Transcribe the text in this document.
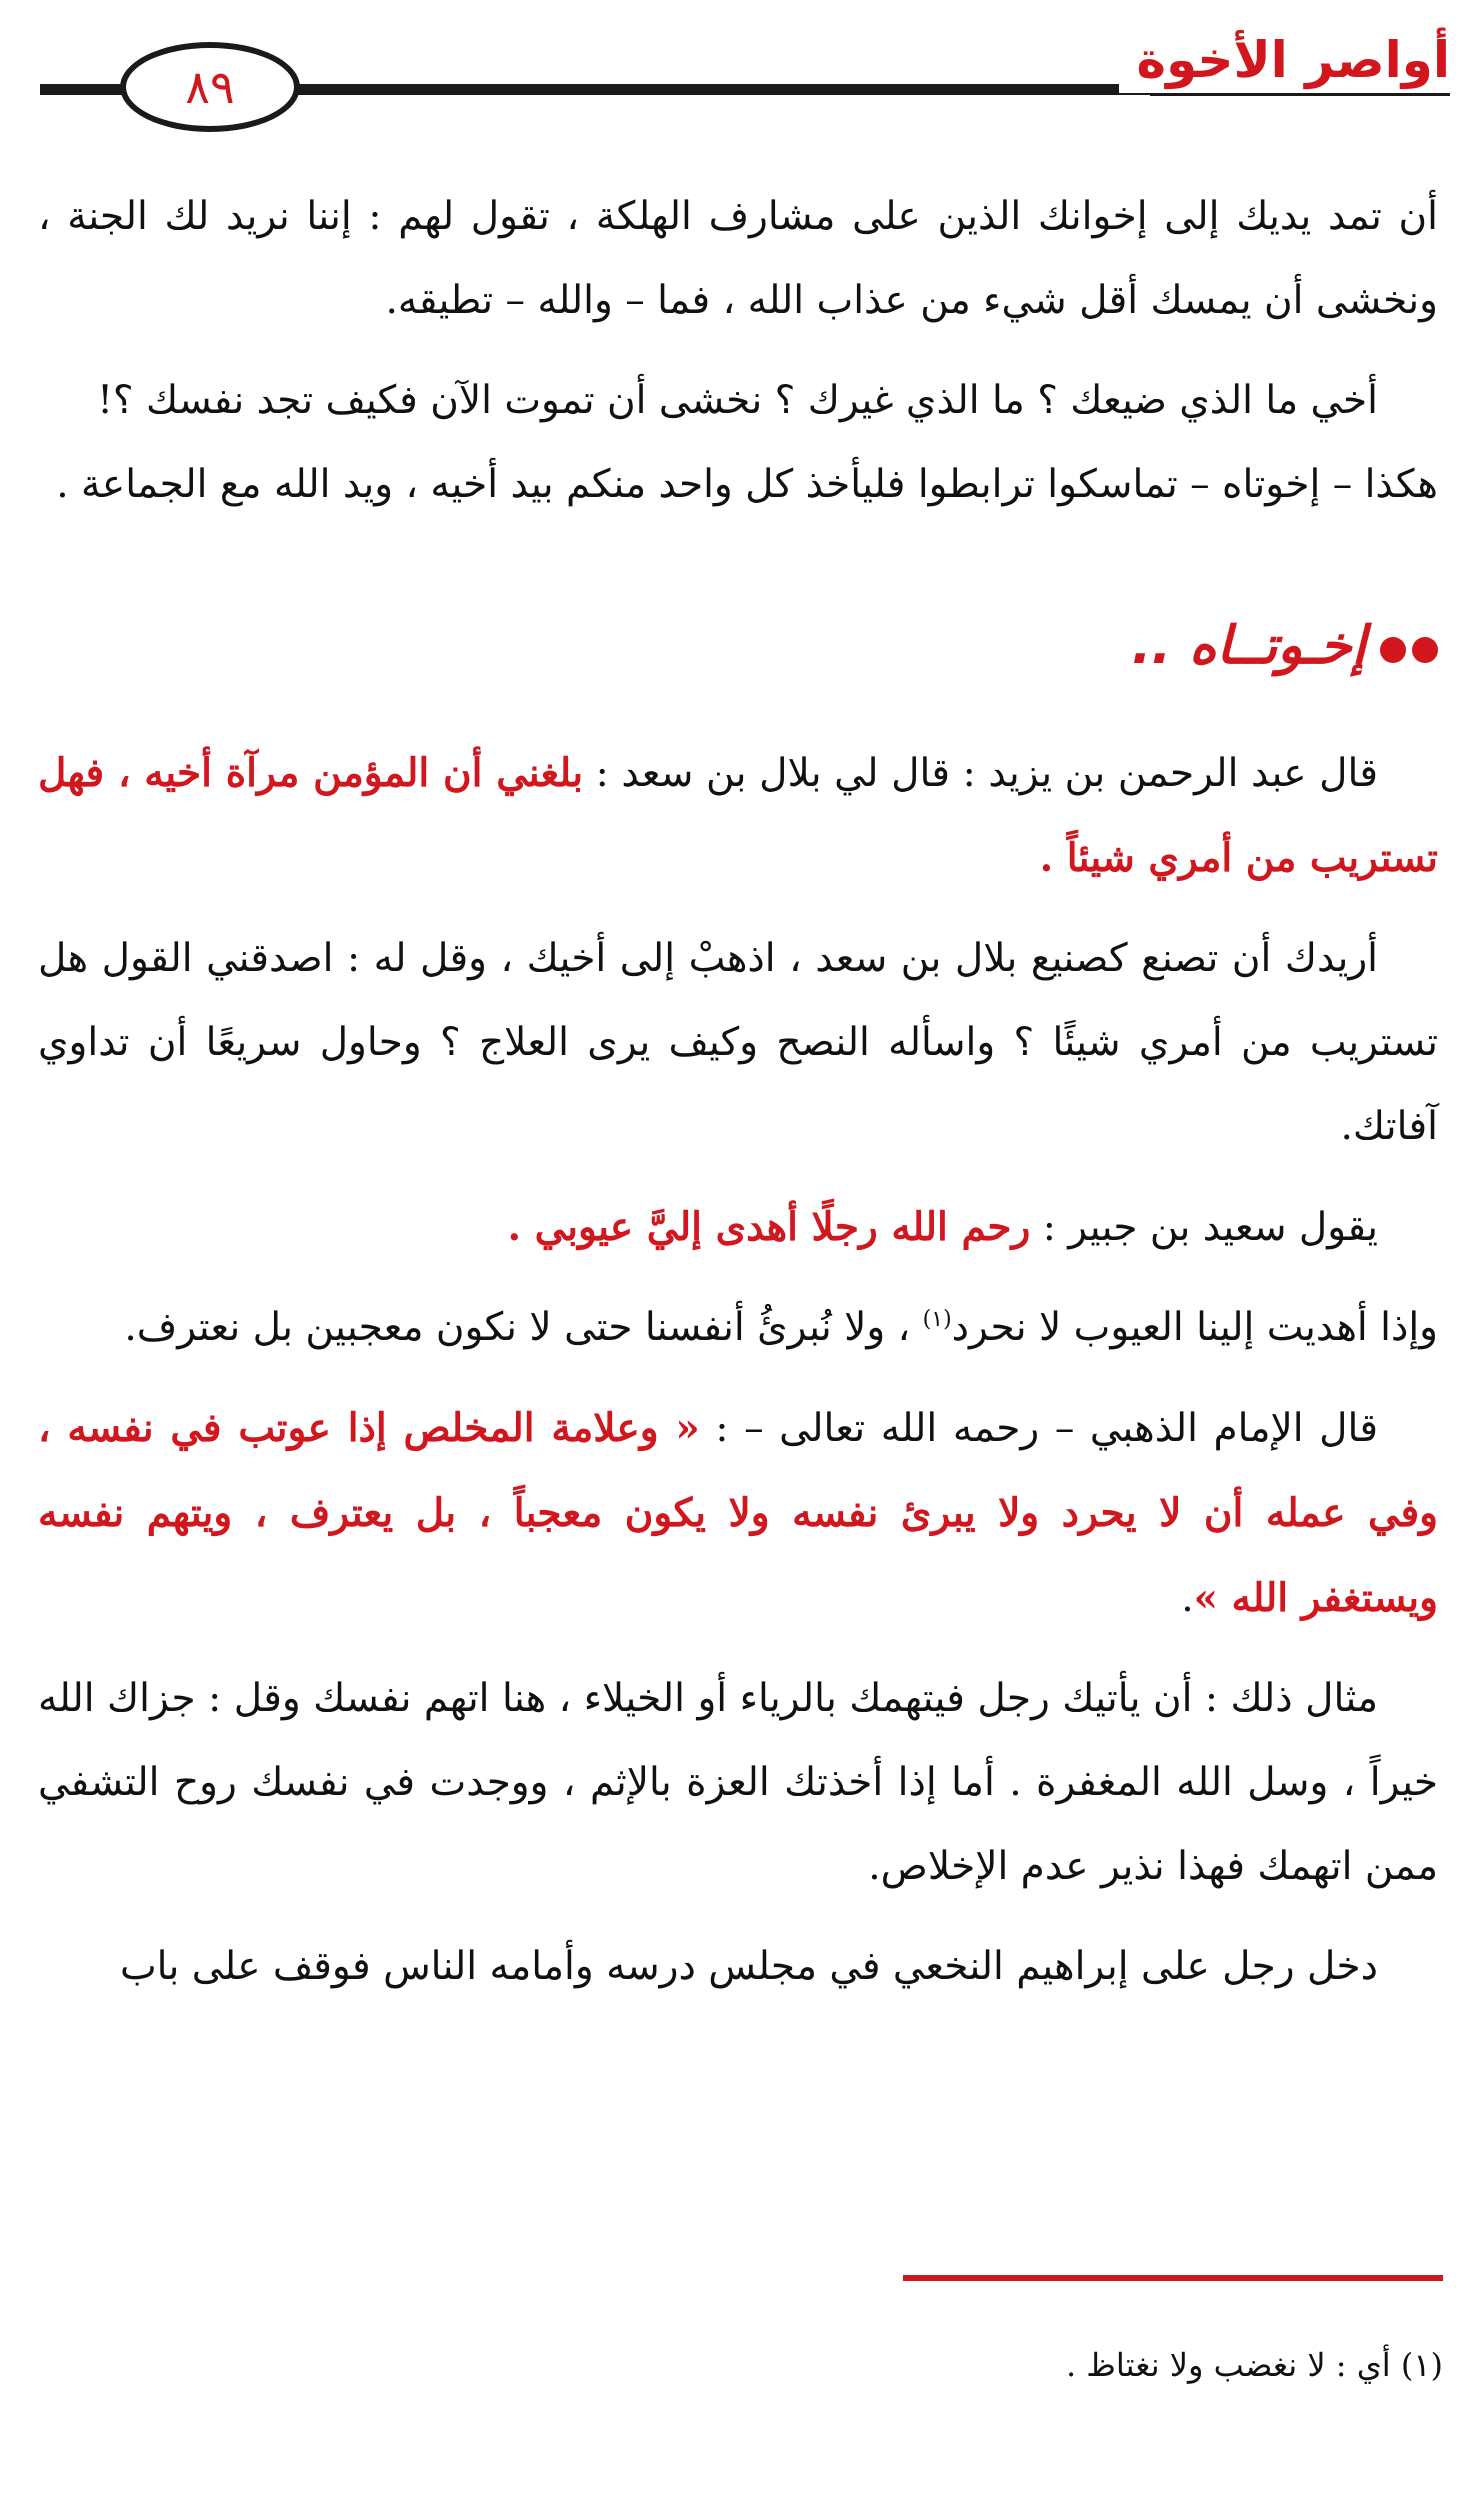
٨٩	أواصر الأخوة

أن تمد يديك إلى إخوانك الذين على مشارف الهلكة ، تقول لهم : إننا نريد لك الجنة ، ونخشى أن يمسك أقل شيء من عذاب الله ، فما – والله – تطيقه.

أخي ما الذي ضيعك ؟ ما الذي غيرك ؟ نخشى أن تموت الآن فكيف تجد نفسك ؟!

هكذا – إخوتاه – تماسكوا ترابطوا فليأخذ كل واحد منكم بيد أخيه ، ويد الله مع الجماعة .

إخـوتــاه ..

قال عبد الرحمن بن يزيد : قال لي بلال بن سعد : بلغني أن المؤمن مرآة أخيه ، فهل تستريب من أمري شيئاً .

أريدك أن تصنع كصنيع بلال بن سعد ، اذهبْ إلى أخيك ، وقل له : اصدقني القول هل تستريب من أمري شيئًا ؟ واسأله النصح وكيف يرى العلاج ؟ وحاول سريعًا أن تداوي آفاتك.

يقول سعيد بن جبير : رحم الله رجلًا أهدى إليَّ عيوبي .

وإذا أهديت إلينا العيوب لا نحرد$^{(١)}$ ، ولا نُبرئُ أنفسنا حتى لا نكون معجبين بل نعترف.

قال الإمام الذهبي – رحمه الله تعالى – : « وعلامة المخلص إذا عوتب في نفسه ، وفي عمله أن لا يحرد ولا يبرئ نفسه ولا يكون معجباً ، بل يعترف ، ويتهم نفسه ويستغفر الله ».

مثال ذلك : أن يأتيك رجل فيتهمك بالرياء أو الخيلاء ، هنا اتهم نفسك وقل : جزاك الله خيراً ، وسل الله المغفرة . أما إذا أخذتك العزة بالإثم ، ووجدت في نفسك روح التشفي ممن اتهمك فهذا نذير عدم الإخلاص.

دخل رجل على إبراهيم النخعي في مجلس درسه وأمامه الناس فوقف على باب

(١) أي : لا نغضب ولا نغتاظ .
